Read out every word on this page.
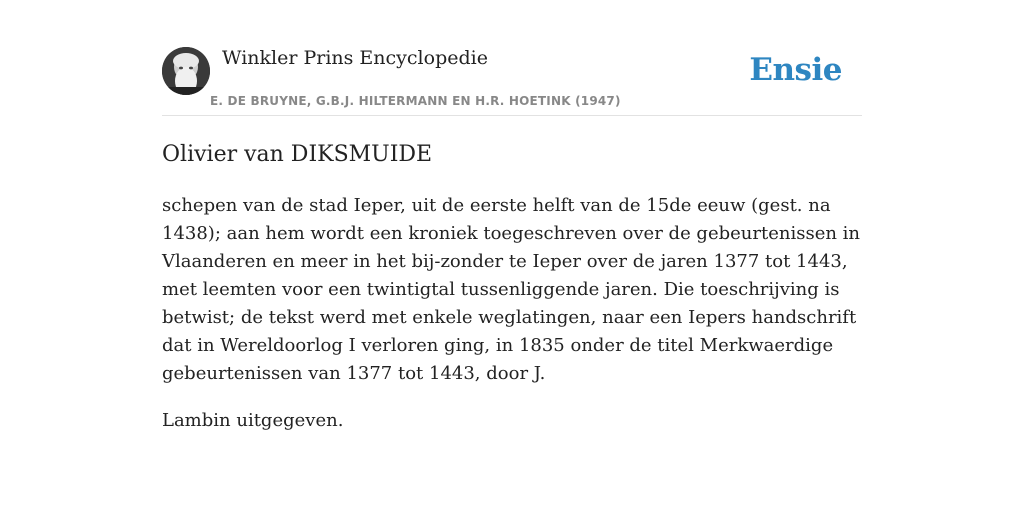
Winkler Prins Encyclopedie
E. DE BRUYNE, G.B.J. HILTERMANN EN H.R. HOETINK (1947)
Ensie
Olivier van DIKSMUIDE

schepen van de stad Ieper, uit de eerste helft van de 15de eeuw (gest. na 1438); aan hem wordt een kroniek toegeschreven over de gebeurtenissen in Vlaanderen en meer in het bij-zonder te Ieper over de jaren 1377 tot 1443, met leemten voor een twintigtal tussenliggende jaren. Die toeschrijving is betwist; de tekst werd met enkele weglatingen, naar een Iepers handschrift dat in Wereldoorlog I verloren ging, in 1835 onder de titel Merkwaerdige gebeurtenissen van 1377 tot 1443, door J.

Lambin uitgegeven.
